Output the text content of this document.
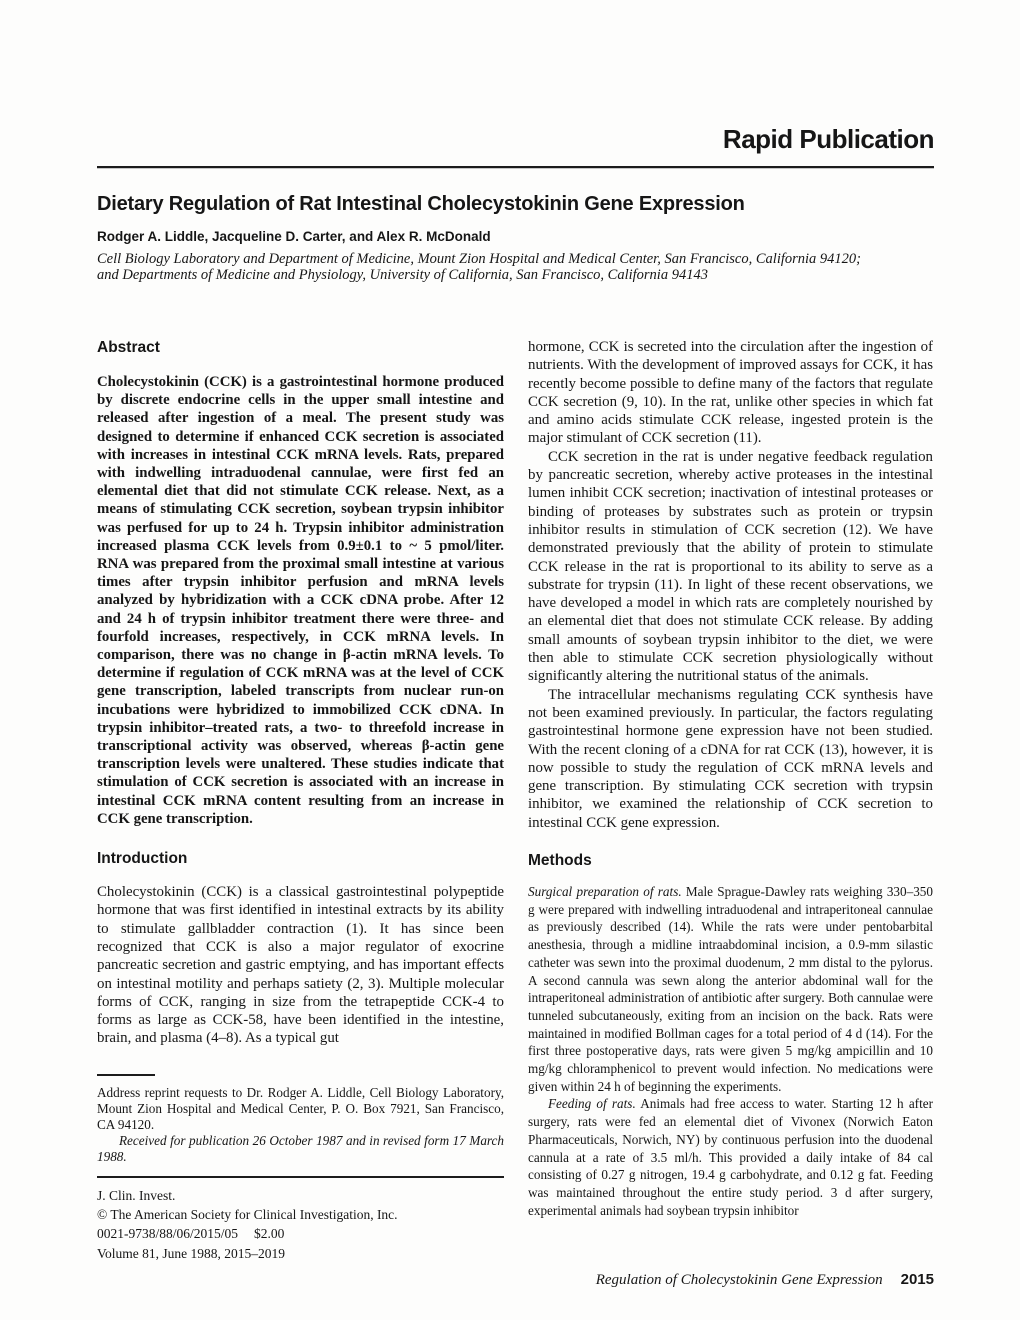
Rapid Publication
Dietary Regulation of Rat Intestinal Cholecystokinin Gene Expression
Rodger A. Liddle, Jacqueline D. Carter, and Alex R. McDonald
Cell Biology Laboratory and Department of Medicine, Mount Zion Hospital and Medical Center, San Francisco, California 94120;
and Departments of Medicine and Physiology, University of California, San Francisco, California 94143
Abstract

Cholecystokinin (CCK) is a gastrointestinal hormone produced by discrete endocrine cells in the upper small intestine and released after ingestion of a meal. The present study was designed to determine if enhanced CCK secretion is associated with increases in intestinal CCK mRNA levels. Rats, prepared with indwelling intraduodenal cannulae, were first fed an elemental diet that did not stimulate CCK release. Next, as a means of stimulating CCK secretion, soybean trypsin inhibitor was perfused for up to 24 h. Trypsin inhibitor administration increased plasma CCK levels from 0.9±0.1 to ~ 5 pmol/liter. RNA was prepared from the proximal small intestine at various times after trypsin inhibitor perfusion and mRNA levels analyzed by hybridization with a CCK cDNA probe. After 12 and 24 h of trypsin inhibitor treatment there were three- and fourfold increases, respectively, in CCK mRNA levels. In comparison, there was no change in β-actin mRNA levels. To determine if regulation of CCK mRNA was at the level of CCK gene transcription, labeled transcripts from nuclear run-on incubations were hybridized to immobilized CCK cDNA. In trypsin inhibitor–treated rats, a two- to threefold increase in transcriptional activity was observed, whereas β-actin gene transcription levels were unaltered. These studies indicate that stimulation of CCK secretion is associated with an increase in intestinal CCK mRNA content resulting from an increase in CCK gene transcription.

Introduction

Cholecystokinin (CCK) is a classical gastrointestinal polypeptide hormone that was first identified in intestinal extracts by its ability to stimulate gallbladder contraction (1). It has since been recognized that CCK is also a major regulator of exocrine pancreatic secretion and gastric emptying, and has important effects on intestinal motility and perhaps satiety (2, 3). Multiple molecular forms of CCK, ranging in size from the tetrapeptide CCK-4 to forms as large as CCK-58, have been identified in the intestine, brain, and plasma (4–8). As a typical gut

Address reprint requests to Dr. Rodger A. Liddle, Cell Biology Laboratory, Mount Zion Hospital and Medical Center, P. O. Box 7921, San Francisco, CA 94120.

Received for publication 26 October 1987 and in revised form 17 March 1988.

J. Clin. Invest.
© The American Society for Clinical Investigation, Inc.
0021-9738/88/06/2015/05 $2.00
Volume 81, June 1988, 2015–2019

hormone, CCK is secreted into the circulation after the ingestion of nutrients. With the development of improved assays for CCK, it has recently become possible to define many of the factors that regulate CCK secretion (9, 10). In the rat, unlike other species in which fat and amino acids stimulate CCK release, ingested protein is the major stimulant of CCK secretion (11).

CCK secretion in the rat is under negative feedback regulation by pancreatic secretion, whereby active proteases in the intestinal lumen inhibit CCK secretion; inactivation of intestinal proteases or binding of proteases by substrates such as protein or trypsin inhibitor results in stimulation of CCK secretion (12). We have demonstrated previously that the ability of protein to stimulate CCK release in the rat is proportional to its ability to serve as a substrate for trypsin (11). In light of these recent observations, we have developed a model in which rats are completely nourished by an elemental diet that does not stimulate CCK release. By adding small amounts of soybean trypsin inhibitor to the diet, we were then able to stimulate CCK secretion physiologically without significantly altering the nutritional status of the animals.

The intracellular mechanisms regulating CCK synthesis have not been examined previously. In particular, the factors regulating gastrointestinal hormone gene expression have not been studied. With the recent cloning of a cDNA for rat CCK (13), however, it is now possible to study the regulation of CCK mRNA levels and gene transcription. By stimulating CCK secretion with trypsin inhibitor, we examined the relationship of CCK secretion to intestinal CCK gene expression.

Methods

Surgical preparation of rats. Male Sprague-Dawley rats weighing 330–350 g were prepared with indwelling intraduodenal and intraperitoneal cannulae as previously described (14). While the rats were under pentobarbital anesthesia, through a midline intraabdominal incision, a 0.9-mm silastic catheter was sewn into the proximal duodenum, 2 mm distal to the pylorus. A second cannula was sewn along the anterior abdominal wall for the intraperitoneal administration of antibiotic after surgery. Both cannulae were tunneled subcutaneously, exiting from an incision on the back. Rats were maintained in modified Bollman cages for a total period of 4 d (14). For the first three postoperative days, rats were given 5 mg/kg ampicillin and 10 mg/kg chloramphenicol to prevent would infection. No medications were given within 24 h of beginning the experiments.

Feeding of rats. Animals had free access to water. Starting 12 h after surgery, rats were fed an elemental diet of Vivonex (Norwich Eaton Pharmaceuticals, Norwich, NY) by continuous perfusion into the duodenal cannula at a rate of 3.5 ml/h. This provided a daily intake of 84 cal consisting of 0.27 g nitrogen, 19.4 g carbohydrate, and 0.12 g fat. Feeding was maintained throughout the entire study period. 3 d after surgery, experimental animals had soybean trypsin inhibitor

Regulation of Cholecystokinin Gene Expression 2015
